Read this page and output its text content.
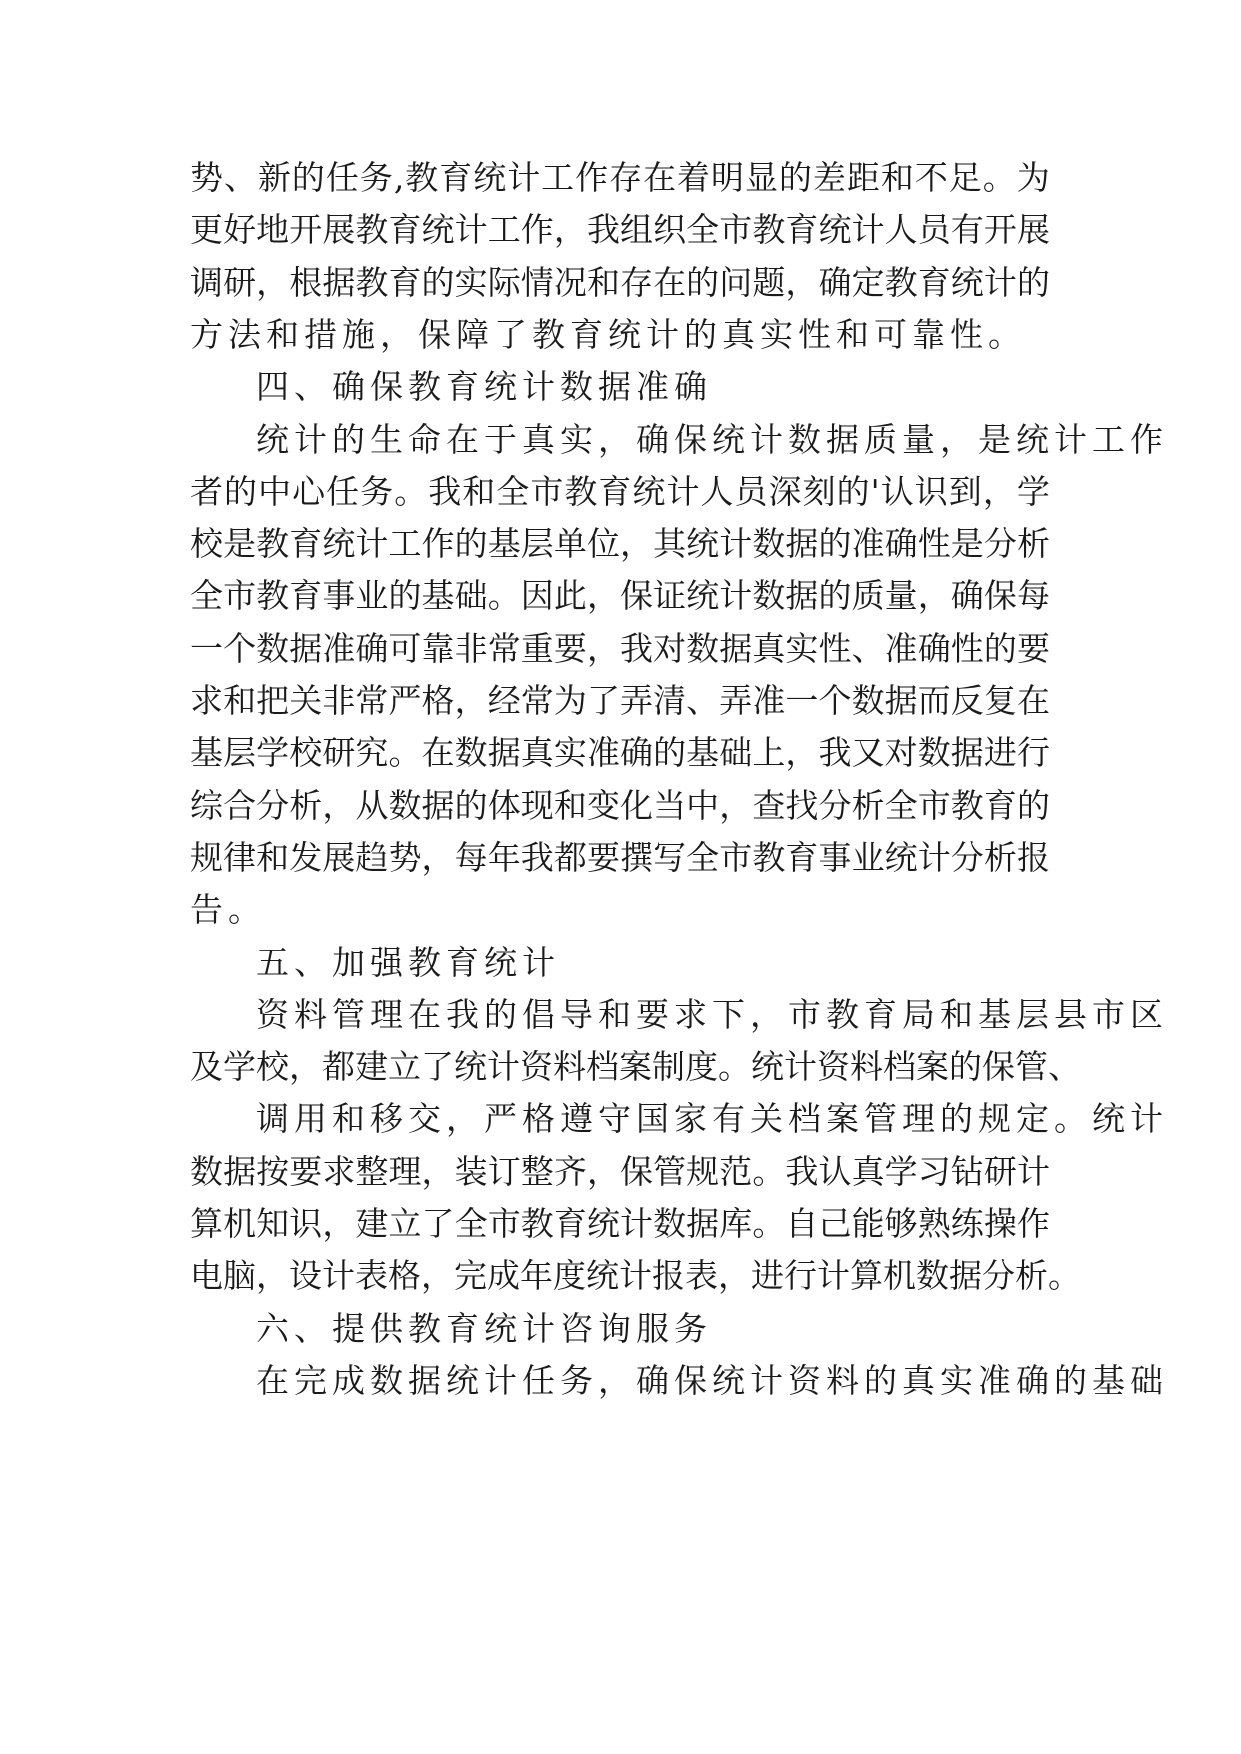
势 、 新 的 任 务 , 教 育 统 计 工 作 存 在 着 明 显 的 差 距 和 不 足 。 为
更 好 地 开 展 教 育 统 计 工 作 ， 我 组 织 全 市 教 育 统 计 人 员 有 开 展
调 研 ， 根 据 教 育 的 实 际 情 况 和 存 在 的 问 题 ， 确 定 教 育 统 计 的
方法和措施，保障了教育统计的真实性和可靠性。
四、确保教育统计数据准确
统计的生命在于真实，确保统计数据质量，是统计工作
者 的 中 心 任 务 。 我 和 全 市 教 育 统 计 人 员 深 刻 的 ' 认 识 到 ， 学
校 是 教 育 统 计 工 作 的 基 层 单 位 ， 其 统 计 数 据 的 准 确 性 是 分 析
全 市 教 育 事 业 的 基 础 。 因 此 ， 保 证 统 计 数 据 的 质 量 ， 确 保 每
一 个 数 据 准 确 可 靠 非 常 重 要 ， 我 对 数 据 真 实 性 、 准 确 性 的 要
求 和 把 关 非 常 严 格 ， 经 常 为 了 弄 清 、 弄 准 一 个 数 据 而 反 复 在
基 层 学 校 研 究 。 在 数 据 真 实 准 确 的 基 础 上 ， 我 又 对 数 据 进 行
综 合 分 析 ， 从 数 据 的 体 现 和 变 化 当 中 ， 查 找 分 析 全 市 教 育 的
规 律 和 发 展 趋 势 ， 每 年 我 都 要 撰 写 全 市 教 育 事 业 统 计 分 析 报
告。
五、加强教育统计
资料管理在我的倡导和要求下，市教育局和基层县市区
及 学 校 ， 都 建 立 了 统 计 资 料 档 案 制 度 。 统 计 资 料 档 案 的 保 管 、
调用和移交，严格遵守国家有关档案管理的规定。统计
数 据 按 要 求 整 理 ， 装 订 整 齐 ， 保 管 规 范 。 我 认 真 学 习 钻 研 计
算 机 知 识 ， 建 立 了 全 市 教 育 统 计 数 据 库 。 自 己 能 够 熟 练 操 作
电 脑 ， 设 计 表 格 ， 完 成 年 度 统 计 报 表 ， 进 行 计 算 机 数 据 分 析 。
六、提供教育统计咨询服务
在完成数据统计任务，确保统计资料的真实准确的基础
